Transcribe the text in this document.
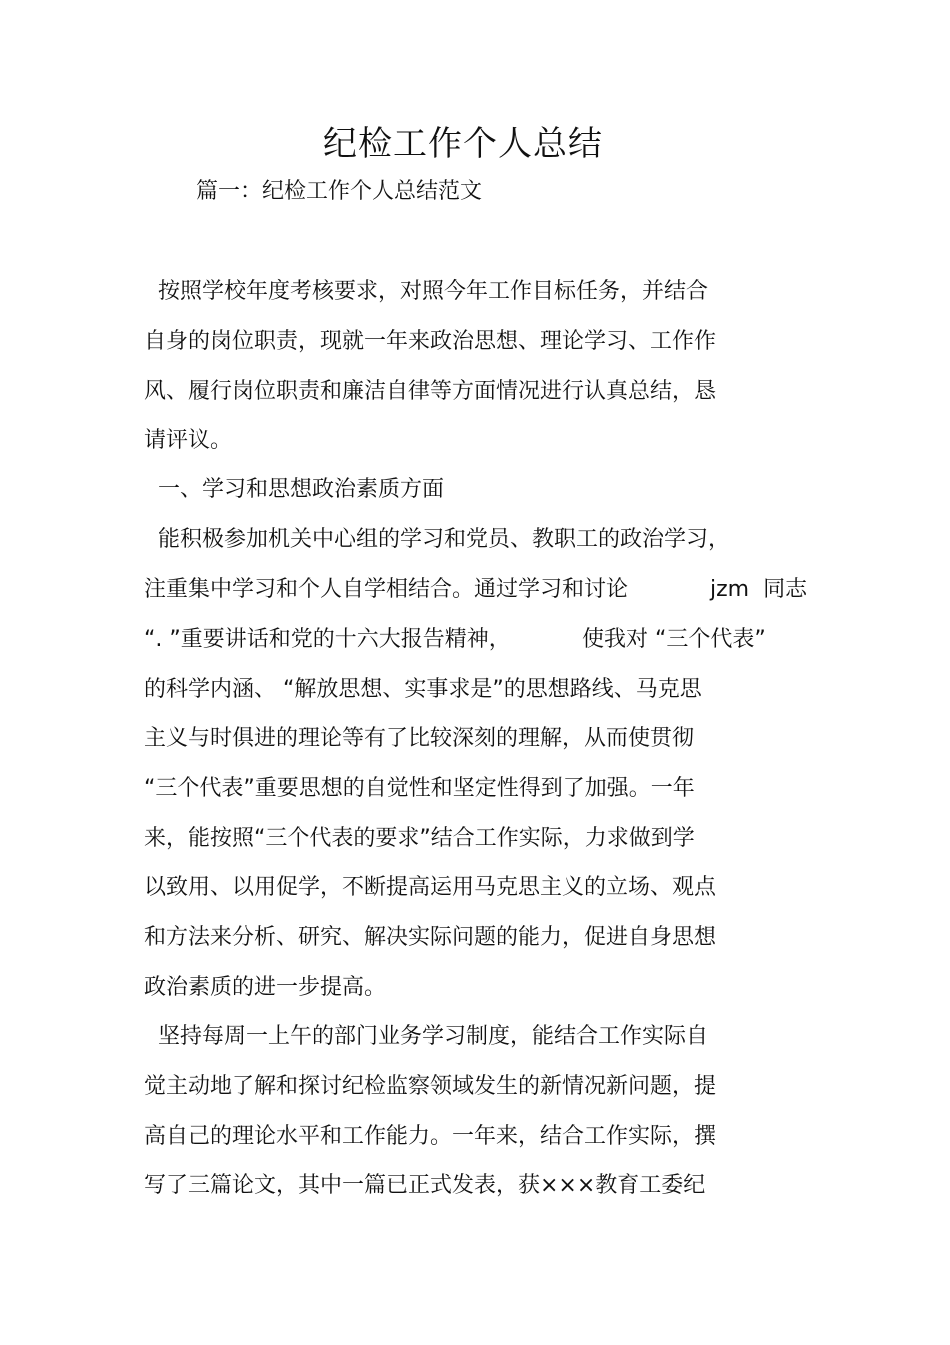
纪检工作个人总结
篇一：纪检工作个人总结范文
按照学校年度考核要求，对照今年工作目标任务，并结合
自身的岗位职责，现就一年来政治思想、理论学习、工作作
风、履行岗位职责和廉洁自律等方面情况进行认真总结，恳
请评议。
一、学习和思想政治素质方面
能积极参加机关中心组的学习和党员、教职工的政治学习，

注重集中学习和个人自学相结合。通过学习和讨论

	jzm  同志

“. ”重要讲话和党的十六大报告精神，

	使我对 “三个代表”

的科学内涵、 “解放思想、实事求是”的思想路线、马克思
主义与时俱进的理论等有了比较深刻的理解，从而使贯彻
“三个代表”重要思想的自觉性和坚定性得到了加强。一年
来，能按照“三个代表的要求”结合工作实际，力求做到学
以致用、以用促学，不断提高运用马克思主义的立场、观点
和方法来分析、研究、解决实际问题的能力，促进自身思想
政治素质的进一步提高。
坚持每周一上午的部门业务学习制度，能结合工作实际自
觉主动地了解和探讨纪检监察领域发生的新情况新问题，提
高自己的理论水平和工作能力。一年来，结合工作实际，撰
写了三篇论文，其中一篇已正式发表，获×××教育工委纪
